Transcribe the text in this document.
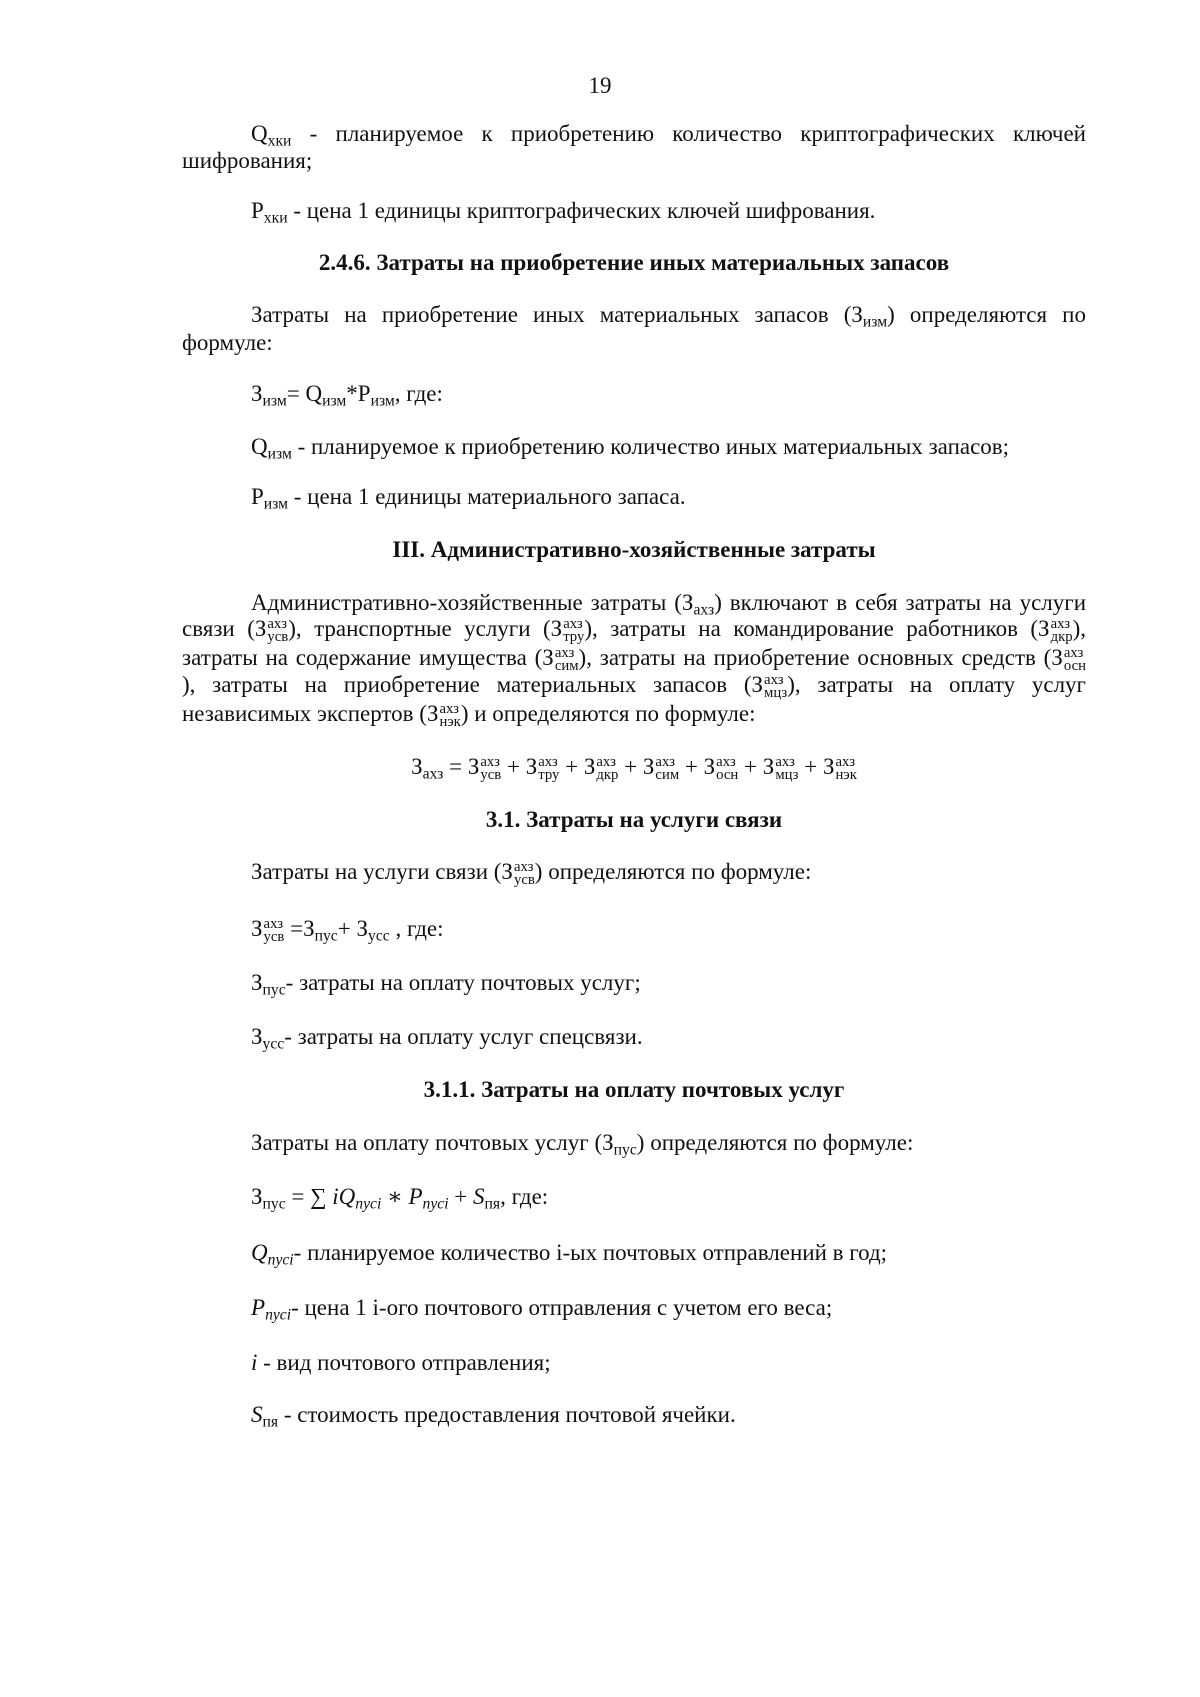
19
$Q_{хки}$ - планируемое к приобретению количество криптографических ключей
шифрования;
$P_{хки}$ - цена 1 единицы криптографических ключей шифрования.
2.4.6. Затраты на приобретение иных материальных запасов
Затраты на приобретение иных материальных запасов $(З_{изм})$ определяются по
формуле:
$З_{изм}= Q_{изм}*P_{изм}$, где:
$Q_{изм}$ - планируемое к приобретению количество иных материальных запасов;
$P_{изм}$ - цена 1 единицы материального запаса.
III. Административно-хозяйственные затраты
Административно-хозяйственные затраты $(З_{ахз})$ включают в себя затраты на услуги
связи (З ахз
усв ), транспортные услуги (З ахз
тру ), затраты на командирование работников (З ахз
дкр ),
затраты на содержание имущества (З ахз
сим ), затраты на приобретение основных средств (З ахз
осн
), затраты на приобретение материальных запасов (З ахз
мцз ), затраты на оплату услуг
независимых экспертов (З ахз
нэк ) и определяются по формуле:
$З_{ахз} = З$ ахз
усв + З ахз
тру + З ахз
дкр + З ахз
сим + З ахз
осн + З ахз
мцз + З ахз
нэк
3.1. Затраты на услуги связи
Затраты на услуги связи (З ахз
усв ) определяются по формуле:
З ахз
усв $=З_{пус}+ З_{усс}$ , где:
$З_{пус}-$ затраты на оплату почтовых услуг;
$З_{усс}-$ затраты на оплату услуг спецсвязи.
3.1.1. Затраты на оплату почтовых услуг
Затраты на оплату почтовых услуг $(З_{пус})$ определяются по формуле:
$З_{пус}$ = ∑ $iQ_{пусi}$ ∗ $P_{пусi} + S_{пя}$, где:
$Q_{пусi}-$ планируемое количество i-ых почтовых отправлений в год;
$P_{пусi}-$ цена 1 i-ого почтового отправления с учетом его веса;
i - вид почтового отправления;
$S_{пя}$ - стоимость предоставления почтовой ячейки.
